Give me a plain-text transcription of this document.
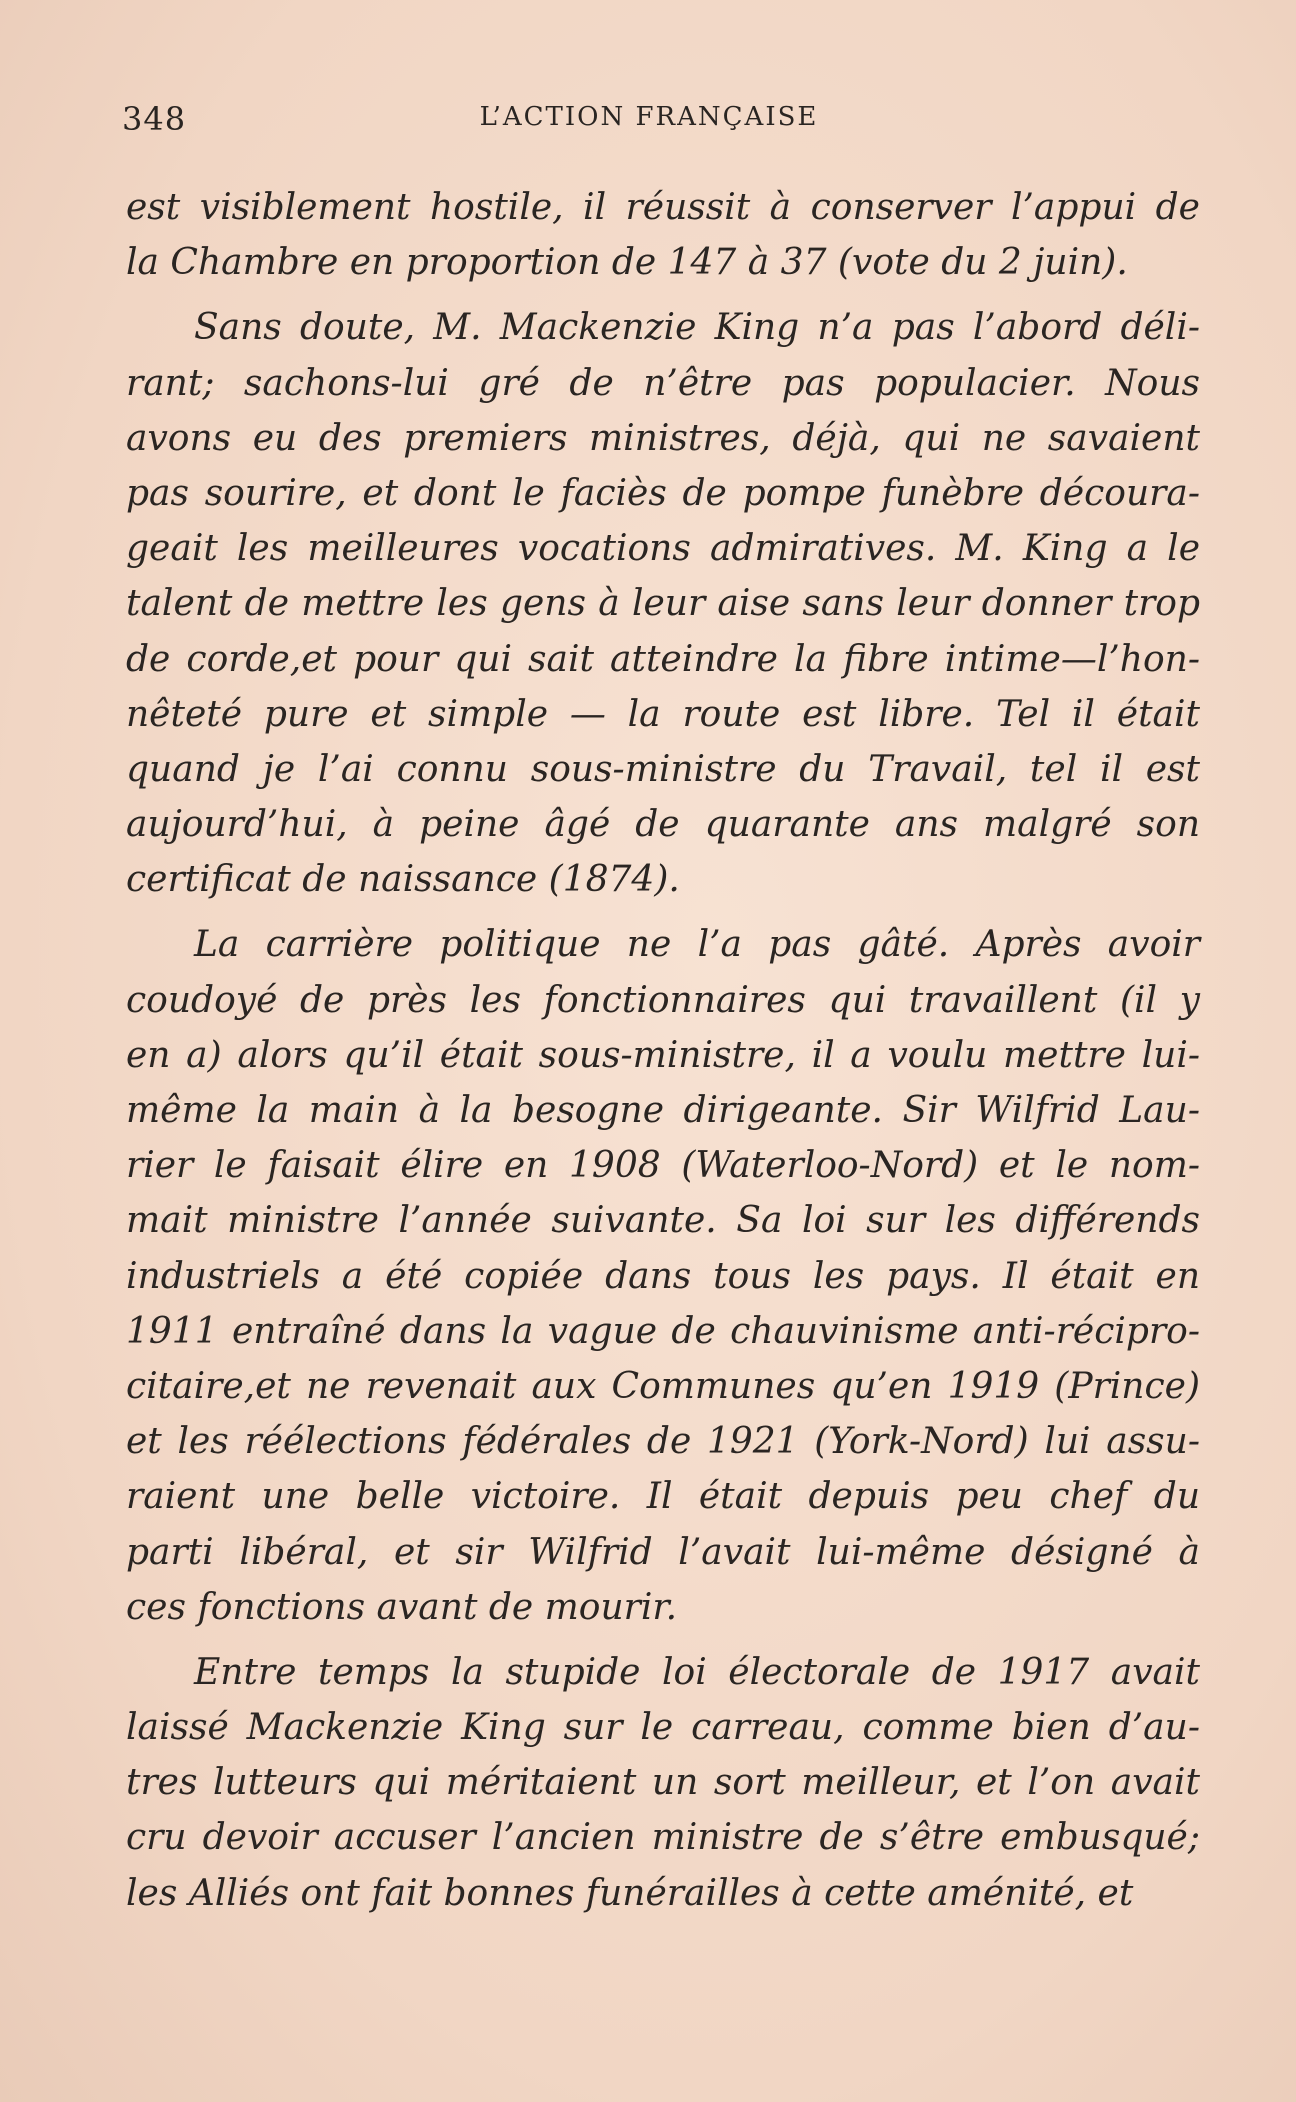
348	L’ACTION FRANÇAISE
est visiblement hostile, il réussit à conserver l’appui de
la Chambre en proportion de 147 à 37 (vote du 2 juin).
Sans doute, M. Mackenzie King n’a pas l’abord déli-
rant; sachons-lui gré de n’être pas populacier. Nous
avons eu des premiers ministres, déjà, qui ne savaient
pas sourire, et dont le faciès de pompe funèbre découra-
geait les meilleures vocations admiratives. M. King a le
talent de mettre les gens à leur aise sans leur donner trop
de corde,et pour qui sait atteindre la fibre intime—l’hon-
nêteté pure et simple — la route est libre. Tel il était
quand je l’ai connu sous-ministre du Travail, tel il est
aujourd’hui, à peine âgé de quarante ans malgré son
certificat de naissance (1874).
La carrière politique ne l’a pas gâté. Après avoir
coudoyé de près les fonctionnaires qui travaillent (il y
en a) alors qu’il était sous-ministre, il a voulu mettre lui-
même la main à la besogne dirigeante. Sir Wilfrid Lau-
rier le faisait élire en 1908 (Waterloo-Nord) et le nom-
mait ministre l’année suivante. Sa loi sur les différends
industriels a été copiée dans tous les pays. Il était en
1911 entraîné dans la vague de chauvinisme anti-récipro-
citaire,et ne revenait aux Communes qu’en 1919 (Prince)
et les réélections fédérales de 1921 (York-Nord) lui assu-
raient une belle victoire. Il était depuis peu chef du
parti libéral, et sir Wilfrid l’avait lui-même désigné à
ces fonctions avant de mourir.
Entre temps la stupide loi électorale de 1917 avait
laissé Mackenzie King sur le carreau, comme bien d’au-
tres lutteurs qui méritaient un sort meilleur, et l’on avait
cru devoir accuser l’ancien ministre de s’être embusqué;
les Alliés ont fait bonnes funérailles à cette aménité, et
